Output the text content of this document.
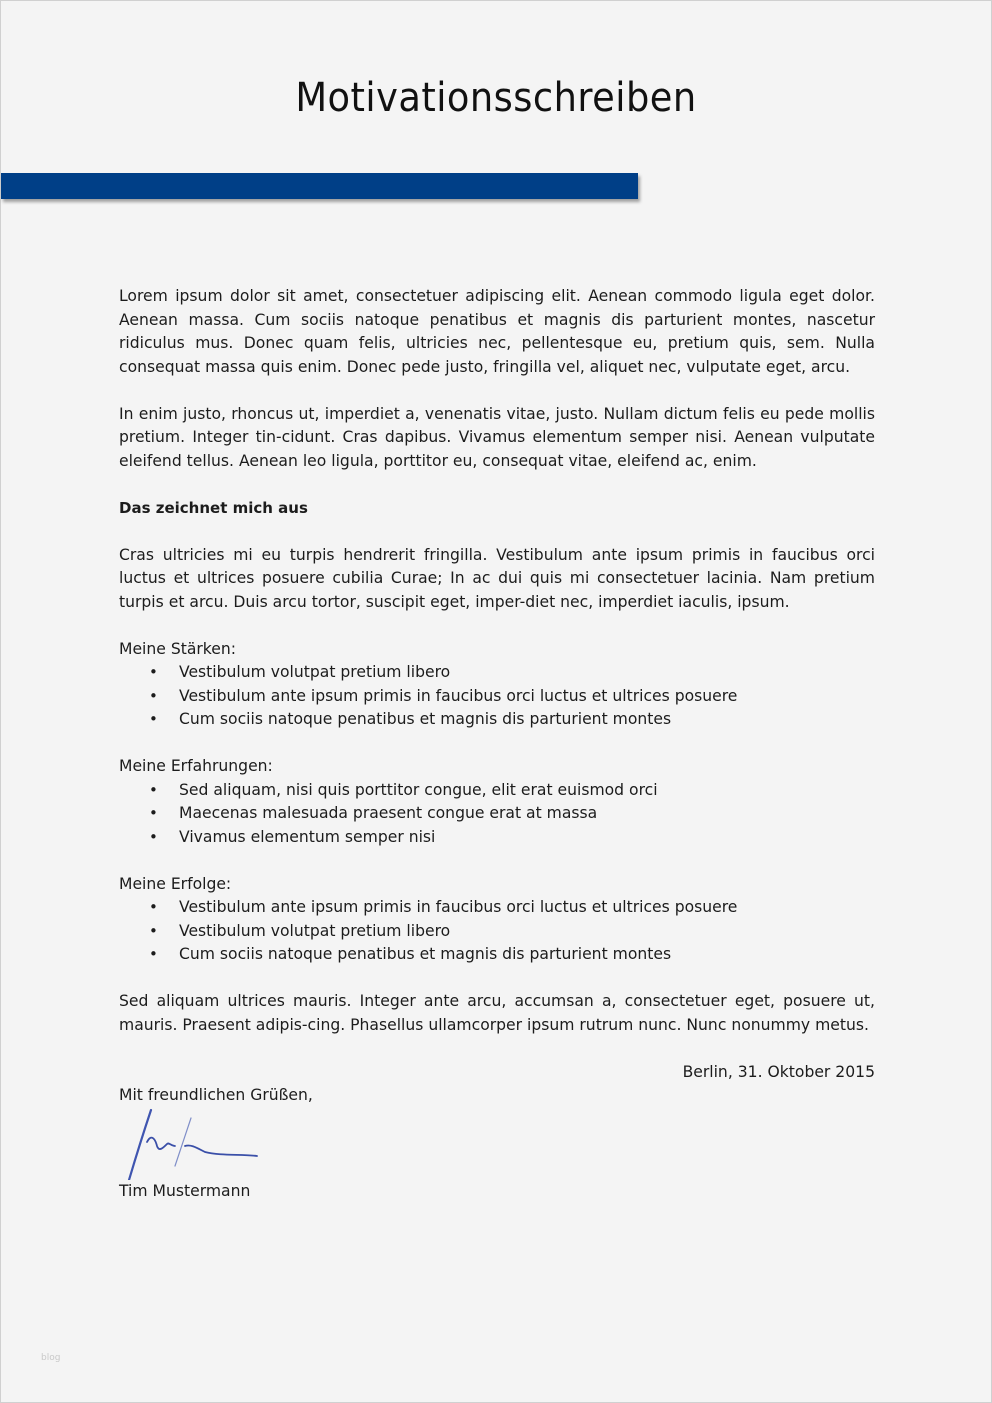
Motivationsschreiben

Lorem ipsum dolor sit amet, consectetuer adipiscing elit. Aenean commodo ligula eget dolor. Aenean massa. Cum sociis natoque penatibus et magnis dis parturient montes, nascetur ridiculus mus. Donec quam felis, ultricies nec, pellentesque eu, pretium quis, sem. Nulla consequat massa quis enim. Donec pede justo, fringilla vel, aliquet nec, vulputate eget, arcu.

In enim justo, rhoncus ut, imperdiet a, venenatis vitae, justo. Nullam dictum felis eu pede mollis pretium. Integer tin-cidunt. Cras dapibus. Vivamus elementum semper nisi. Aenean vulputate eleifend tellus. Aenean leo ligula, porttitor eu, consequat vitae, eleifend ac, enim.

Das zeichnet mich aus

Cras ultricies mi eu turpis hendrerit fringilla. Vestibulum ante ipsum primis in faucibus orci luctus et ultrices posuere cubilia Curae; In ac dui quis mi consectetuer lacinia. Nam pretium turpis et arcu. Duis arcu tortor, suscipit eget, imper-diet nec, imperdiet iaculis, ipsum.

Meine Stärken:
• Vestibulum volutpat pretium libero
• Vestibulum ante ipsum primis in faucibus orci luctus et ultrices posuere
• Cum sociis natoque penatibus et magnis dis parturient montes
Meine Erfahrungen:
• Sed aliquam, nisi quis porttitor congue, elit erat euismod orci
• Maecenas malesuada praesent congue erat at massa
• Vivamus elementum semper nisi
Meine Erfolge:
• Vestibulum ante ipsum primis in faucibus orci luctus et ultrices posuere
• Vestibulum volutpat pretium libero
• Cum sociis natoque penatibus et magnis dis parturient montes

Sed aliquam ultrices mauris. Integer ante arcu, accumsan a, consectetuer eget, posuere ut, mauris. Praesent adipis-cing. Phasellus ullamcorper ipsum rutrum nunc. Nunc nonummy metus.

Berlin, 31. Oktober 2015
Mit freundlichen Grüßen,
Tim Mustermann
blog
